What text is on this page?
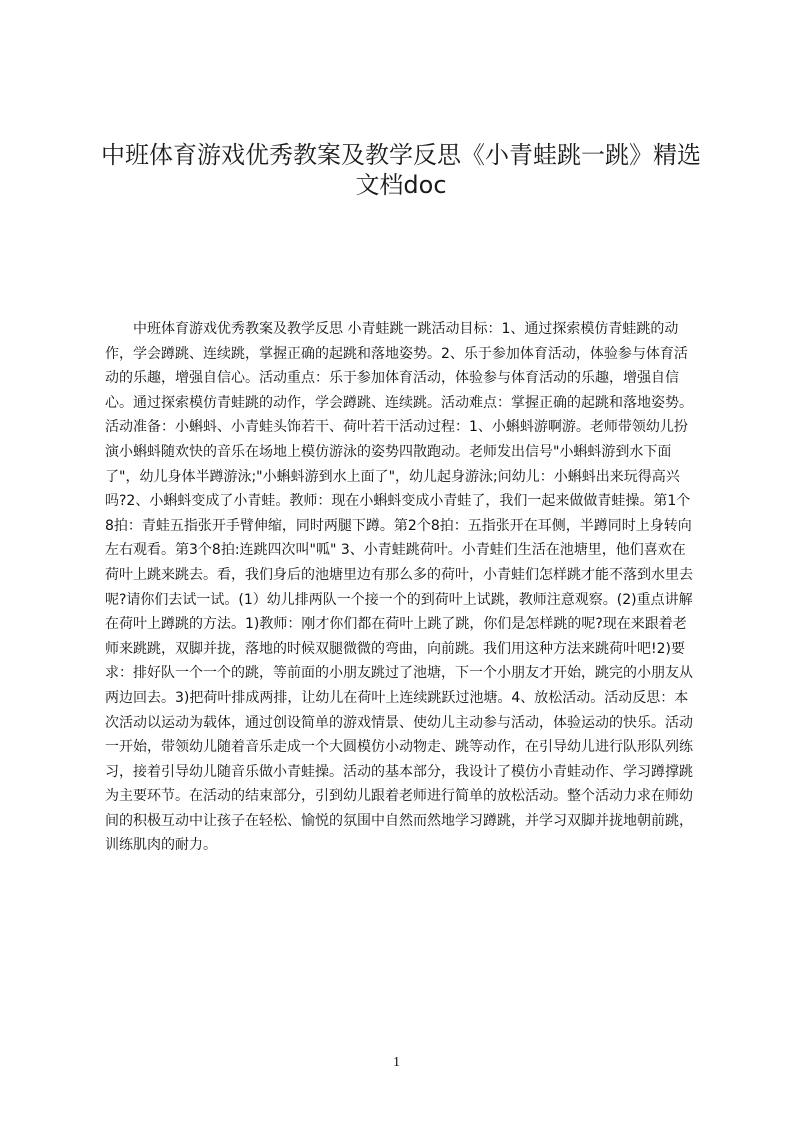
中班体育游戏优秀教案及教学反思《小青蛙跳一跳》精选文档doc

中班体育游戏优秀教案及教学反思 小青蛙跳一跳活动目标：1、通过探索模仿青蛙跳的动作，学会蹲跳、连续跳，掌握正确的起跳和落地姿势。2、乐于参加体育活动，体验参与体育活动的乐趣，增强自信心。活动重点：乐于参加体育活动，体验参与体育活动的乐趣，增强自信心。通过探索模仿青蛙跳的动作，学会蹲跳、连续跳。活动难点：掌握正确的起跳和落地姿势。活动准备：小蝌蚪、小青蛙头饰若干、荷叶若干活动过程：1、小蝌蚪游啊游。老师带领幼儿扮演小蝌蚪随欢快的音乐在场地上模仿游泳的姿势四散跑动。老师发出信号"小蝌蚪游到水下面了"，幼儿身体半蹲游泳;"小蝌蚪游到水上面了"，幼儿起身游泳;问幼儿：小蝌蚪出来玩得高兴吗?2、小蝌蚪变成了小青蛙。教师：现在小蝌蚪变成小青蛙了，我们一起来做做青蛙操。第1个8拍：青蛙五指张开手臂伸缩，同时两腿下蹲。第2个8拍：五指张开在耳侧，半蹲同时上身转向左右观看。第3个8拍:连跳四次叫"呱" 3、小青蛙跳荷叶。小青蛙们生活在池塘里，他们喜欢在荷叶上跳来跳去。看，我们身后的池塘里边有那么多的荷叶，小青蛙们怎样跳才能不落到水里去呢?请你们去试一试。(1）幼儿排两队一个接一个的到荷叶上试跳，教师注意观察。(2)重点讲解在荷叶上蹲跳的方法。1)教师：刚才你们都在荷叶上跳了跳，你们是怎样跳的呢?现在来跟着老师来跳跳，双脚并拢，落地的时候双腿微微的弯曲，向前跳。我们用这种方法来跳荷叶吧!2)要求：排好队一个一个的跳，等前面的小朋友跳过了池塘，下一个小朋友才开始，跳完的小朋友从两边回去。3)把荷叶排成两排，让幼儿在荷叶上连续跳跃过池塘。4、放松活动。活动反思：本次活动以运动为载体，通过创设简单的游戏情景、使幼儿主动参与活动，体验运动的快乐。活动一开始，带领幼儿随着音乐走成一个大圆模仿小动物走、跳等动作，在引导幼儿进行队形队列练习，接着引导幼儿随音乐做小青蛙操。活动的基本部分，我设计了模仿小青蛙动作、学习蹲撑跳为主要环节。在活动的结束部分，引到幼儿跟着老师进行简单的放松活动。整个活动力求在师幼间的积极互动中让孩子在轻松、愉悦的氛围中自然而然地学习蹲跳，并学习双脚并拢地朝前跳，训练肌肉的耐力。

1
